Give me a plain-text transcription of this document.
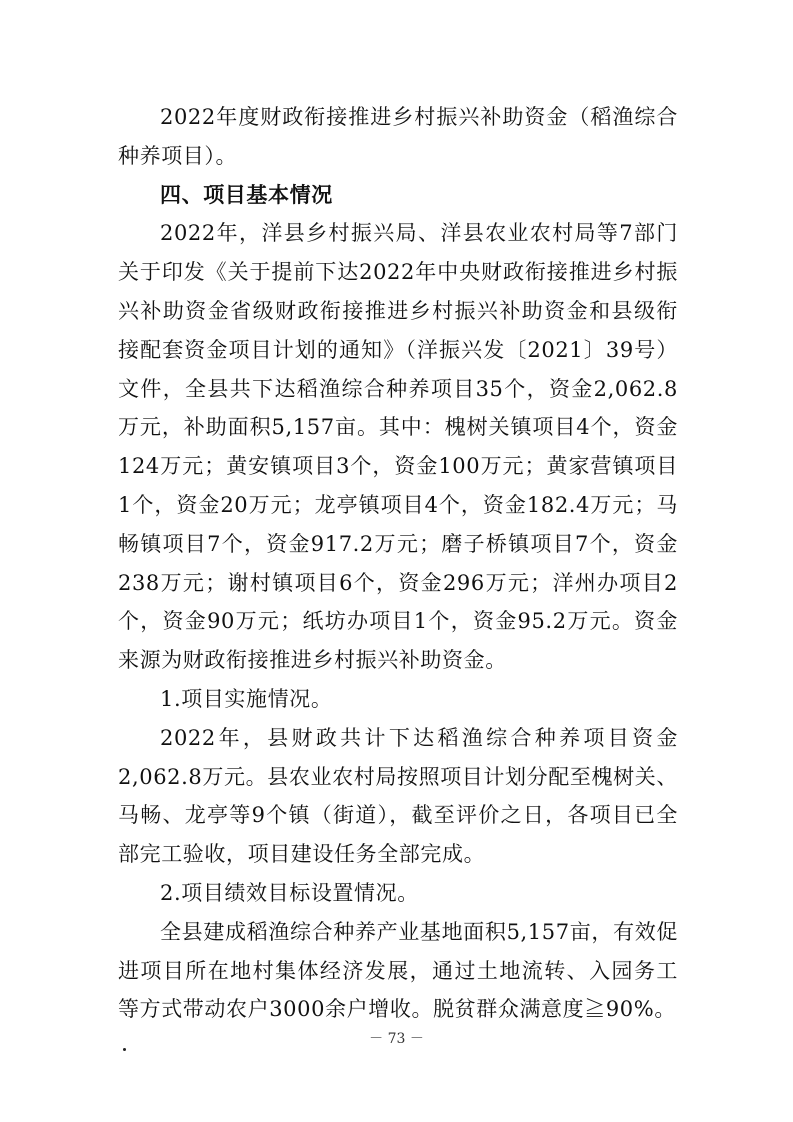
2022年度财政衔接推进乡村振兴补助资金（稻渔综合种养项目）。

四、项目基本情况

2022年，洋县乡村振兴局、洋县农业农村局等7部门关于印发《关于提前下达2022年中央财政衔接推进乡村振兴补助资金省级财政衔接推进乡村振兴补助资金和县级衔接配套资金项目计划的通知》（洋振兴发〔2021〕39号）文件，全县共下达稻渔综合种养项目35个，资金2,062.8万元，补助面积5,157亩。其中：槐树关镇项目4个，资金124万元；黄安镇项目3个，资金100万元；黄家营镇项目1个，资金20万元；龙亭镇项目4个，资金182.4万元；马畅镇项目7个，资金917.2万元；磨子桥镇项目7个，资金238万元；谢村镇项目6个，资金296万元；洋州办项目2个，资金90万元；纸坊办项目1个，资金95.2万元。资金来源为财政衔接推进乡村振兴补助资金。

1.项目实施情况。

2022年，县财政共计下达稻渔综合种养项目资金2,062.8万元。县农业农村局按照项目计划分配至槐树关、马畅、龙亭等9个镇（街道），截至评价之日，各项目已全部完工验收，项目建设任务全部完成。

2.项目绩效目标设置情况。

全县建成稻渔综合种养产业基地面积5,157亩，有效促进项目所在地村集体经济发展，通过土地流转、入园务工等方式带动农户3000余户增收。脱贫群众满意度≧90%。

－ 73 －
